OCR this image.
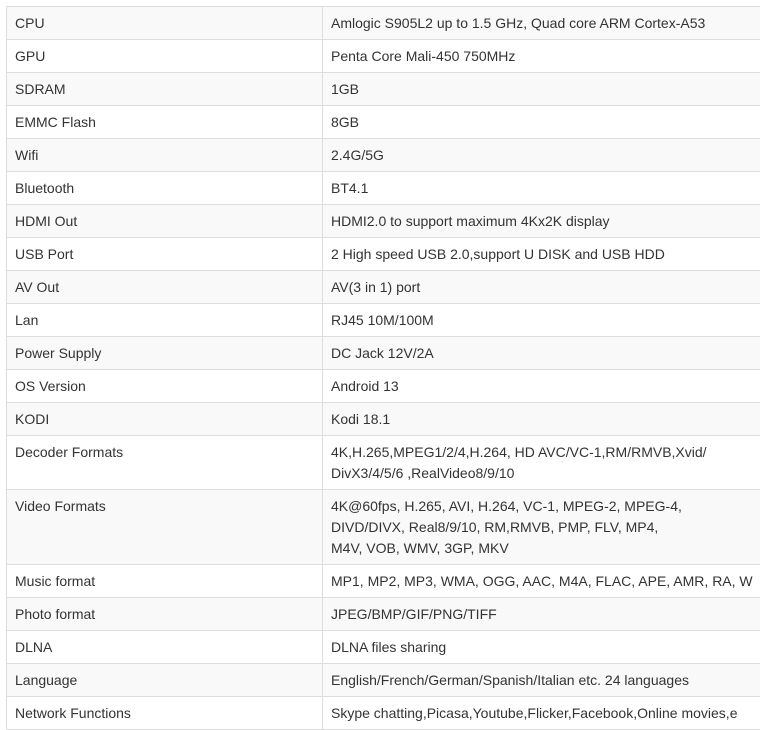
CPU	Amlogic S905L2 up to 1.5 GHz, Quad core ARM Cortex-A53

GPU	Penta Core Mali-450 750MHz

SDRAM	1GB

EMMC Flash	8GB

Wifi	2.4G/5G

Bluetooth	BT4.1

HDMI Out	HDMI2.0 to support maximum 4Kx2K display

USB Port	2 High speed USB 2.0,support U DISK and USB HDD

AV Out	AV(3 in 1) port

Lan	RJ45 10M/100M

Power Supply	DC Jack 12V/2A

OS Version	Android 13

KODI	Kodi 18.1

Decoder Formats	4K,H.265,MPEG1/2/4,H.264, HD AVC/VC-1,RM/RMVB,Xvid/
DivX3/4/5/6 ,RealVideo8/9/10

Video Formats	4K@60fps, H.265, AVI, H.264, VC-1, MPEG-2, MPEG-4,
DIVD/DIVX, Real8/9/10, RM,RMVB, PMP, FLV, MP4,
M4V, VOB, WMV, 3GP, MKV

Music format	MP1, MP2, MP3, WMA, OGG, AAC, M4A, FLAC, APE, AMR, RA, W

Photo format	JPEG/BMP/GIF/PNG/TIFF

DLNA	DLNA files sharing

Language	English/French/German/Spanish/Italian etc. 24 languages

Network Functions	Skype chatting,Picasa,Youtube,Flicker,Facebook,Online movies,e
